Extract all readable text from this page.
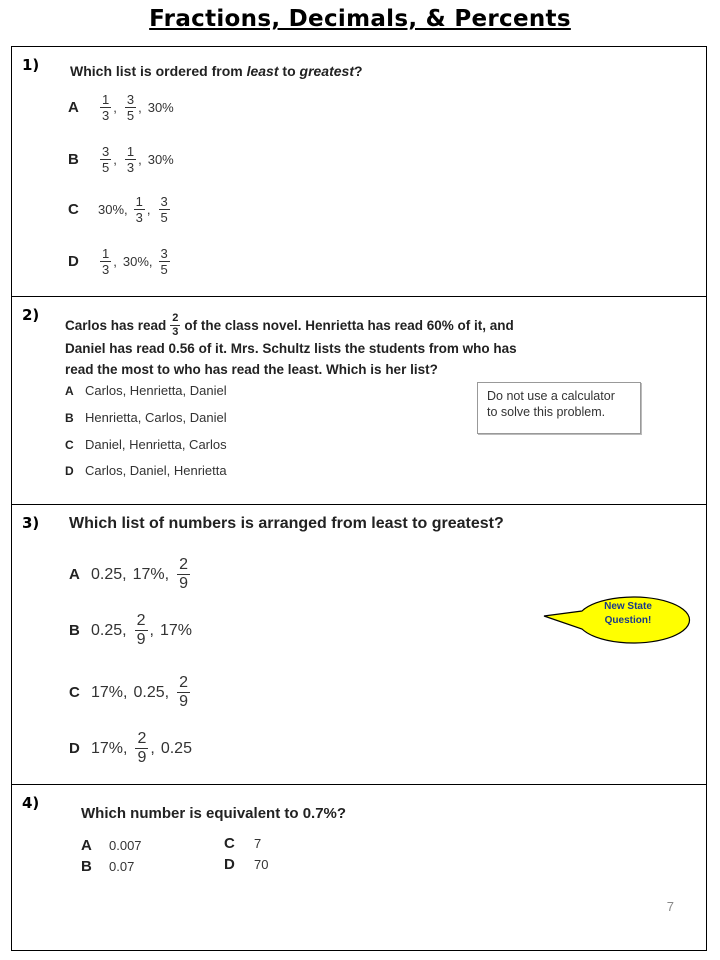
Fractions, Decimals, & Percents
1) Which list is ordered from least to greatest?
A	$\frac{1}{3}$ , $\frac{3}{5}$ , 30%
B	$\frac{3}{5}$ , $\frac{1}{3}$ , 30%
C	30%, $\frac{1}{3}$ , $\frac{3}{5}$
D	$\frac{1}{3}$ , 30%, $\frac{3}{5}$
2)
Carlos has read $\frac{2}{3}$ of the class novel. Henrietta has read 60% of it, and
Daniel has read 0.56 of it. Mrs. Schultz lists the students from who has
read the most to who has read the least. Which is her list?
A Carlos, Henrietta, Daniel
B Henrietta, Carlos, Daniel
C Daniel, Henrietta, Carlos
D Carlos, Daniel, Henrietta
Do not use a calculator
to solve this problem.
3) Which list of numbers is arranged from least to greatest?
A 0.25, 17%, $\frac{2}{9}$
B 0.25, $\frac{2}{9}$ , 17%
C 17%, 0.25, $\frac{2}{9}$
D 17%, $\frac{2}{9}$ , 0.25
New State
Question!
4)
Which number is equivalent to 0.7%?
A	0.007
B	0.07
C	7
D	70
7
